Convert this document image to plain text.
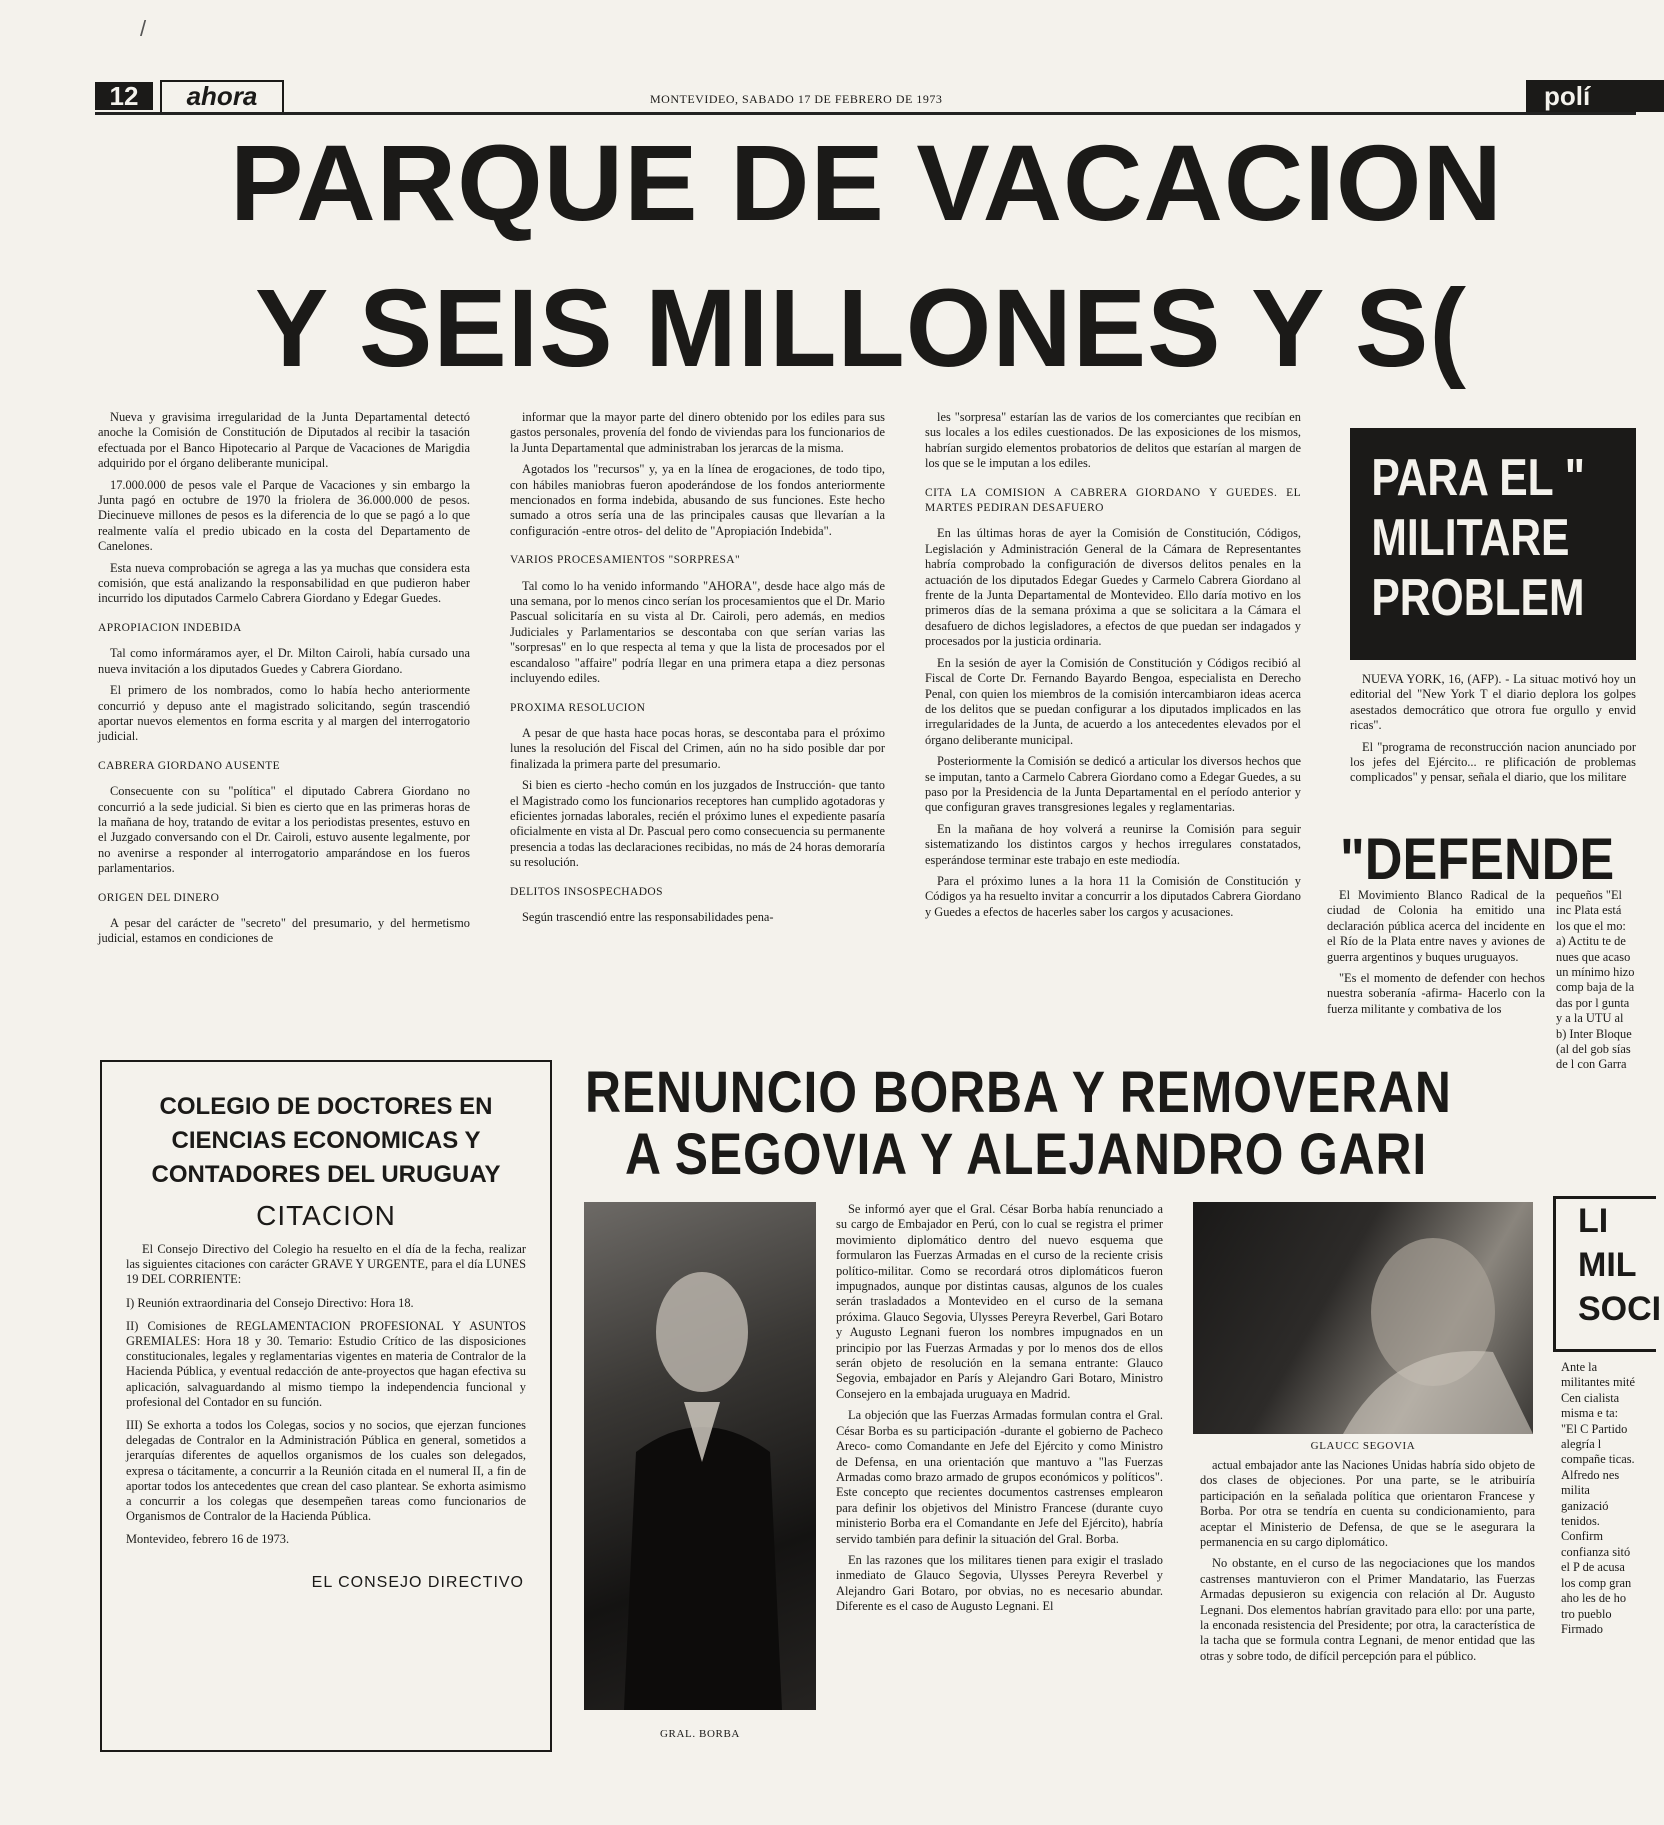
/
12	ahora	MONTEVIDEO, SABADO 17 DE FEBRERO DE 1973	polí
PARQUE DE VACACION
Y SEIS MILLONES Y S(

Nueva y gravisima irregularidad de la Junta Departamental detectó anoche la Comisión de Constitución de Diputados al recibir la tasación efectuada por el Banco Hipotecario al Parque de Vacaciones de Marigdia adquirido por el órgano deliberante municipal.

17.000.000 de pesos vale el Parque de Vacaciones y sin embargo la Junta pagó en octubre de 1970 la friolera de 36.000.000 de pesos. Diecinueve millones de pesos es la diferencia de lo que se pagó a lo que realmente valía el predio ubicado en la costa del Departamento de Canelones.

Esta nueva comprobación se agrega a las ya muchas que considera esta comisión, que está analizando la responsabilidad en que pudieron haber incurrido los diputados Carmelo Cabrera Giordano y Edegar Guedes.

APROPIACION INDEBIDA

Tal como informáramos ayer, el Dr. Milton Cairoli, había cursado una nueva invitación a los diputados Guedes y Cabrera Giordano.

El primero de los nombrados, como lo había hecho anteriormente concurrió y depuso ante el magistrado solicitando, según trascendió aportar nuevos elementos en forma escrita y al margen del interrogatorio judicial.

CABRERA GIORDANO AUSENTE

Consecuente con su "política" el diputado Cabrera Giordano no concurrió a la sede judicial. Si bien es cierto que en las primeras horas de la mañana de hoy, tratando de evitar a los periodistas presentes, estuvo en el Juzgado conversando con el Dr. Cairoli, estuvo ausente legalmente, por no avenirse a responder al interrogatorio amparándose en los fueros parlamentarios.

ORIGEN DEL DINERO

A pesar del carácter de "secreto" del presumario, y del hermetismo judicial, estamos en condiciones de

informar que la mayor parte del dinero obtenido por los ediles para sus gastos personales, provenía del fondo de viviendas para los funcionarios de la Junta Departamental que administraban los jerarcas de la misma.

Agotados los "recursos" y, ya en la línea de erogaciones, de todo tipo, con hábiles maniobras fueron apoderándose de los fondos anteriormente mencionados en forma indebida, abusando de sus funciones. Este hecho sumado a otros sería una de las principales causas que llevarían a la configuración -entre otros- del delito de "Apropiación Indebida".

VARIOS PROCESAMIENTOS "SORPRESA"

Tal como lo ha venido informando "AHORA", desde hace algo más de una semana, por lo menos cinco serían los procesamientos que el Dr. Mario Pascual solicitaría en su vista al Dr. Cairoli, pero además, en medios Judiciales y Parlamentarios se descontaba con que serían varias las "sorpresas" en lo que respecta al tema y que la lista de procesados por el escandaloso "affaire" podría llegar en una primera etapa a diez personas incluyendo ediles.

PROXIMA RESOLUCION

A pesar de que hasta hace pocas horas, se descontaba para el próximo lunes la resolución del Fiscal del Crimen, aún no ha sido posible dar por finalizada la primera parte del presumario.

Si bien es cierto -hecho común en los juzgados de Instrucción- que tanto el Magistrado como los funcionarios receptores han cumplido agotadoras y eficientes jornadas laborales, recién el próximo lunes el expediente pasaría oficialmente en vista al Dr. Pascual pero como consecuencia su permanente presencia a todas las declaraciones recibidas, no más de 24 horas demoraría su resolución.

DELITOS INSOSPECHADOS

Según trascendió entre las responsabilidades pena-

les "sorpresa" estarían las de varios de los comerciantes que recibían en sus locales a los ediles cuestionados. De las exposiciones de los mismos, habrían surgido elementos probatorios de delitos que estarían al margen de los que se le imputan a los ediles.

CITA LA COMISION A CABRERA GIORDANO Y GUEDES. EL MARTES PEDIRAN DESAFUERO

En las últimas horas de ayer la Comisión de Constitución, Códigos, Legislación y Administración General de la Cámara de Representantes habría comprobado la configuración de diversos delitos penales en la actuación de los diputados Edegar Guedes y Carmelo Cabrera Giordano al frente de la Junta Departamental de Montevideo. Ello daría motivo en los primeros días de la semana próxima a que se solicitara a la Cámara el desafuero de dichos legisladores, a efectos de que puedan ser indagados y procesados por la justicia ordinaria.

En la sesión de ayer la Comisión de Constitución y Códigos recibió al Fiscal de Corte Dr. Fernando Bayardo Bengoa, especialista en Derecho Penal, con quien los miembros de la comisión intercambiaron ideas acerca de los delitos que se puedan configurar a los diputados implicados en las irregularidades de la Junta, de acuerdo a los antecedentes elevados por el órgano deliberante municipal.

Posteriormente la Comisión se dedicó a articular los diversos hechos que se imputan, tanto a Carmelo Cabrera Giordano como a Edegar Guedes, a su paso por la Presidencia de la Junta Departamental en el período anterior y que configuran graves transgresiones legales y reglamentarias.

En la mañana de hoy volverá a reunirse la Comisión para seguir sistematizando los distintos cargos y hechos irregulares constatados, esperándose terminar este trabajo en este mediodía.

Para el próximo lunes a la hora 11 la Comisión de Constitución y Códigos ya ha resuelto invitar a concurrir a los diputados Cabrera Giordano y Guedes a efectos de hacerles saber los cargos y acusaciones.

PARA EL "
MILITARE
PROBLEM

NUEVA YORK, 16, (AFP). - La situac motivó hoy un editorial del "New York T el diario deplora los golpes asestados democrático que otrora fue orgullo y envid ricas".

El "programa de reconstrucción nacion anunciado por los jefes del Ejército... re plificación de problemas complicados" y pensar, señala el diario, que los militare

"DEFENDE

El Movimiento Blanco Radical de la ciudad de Colonia ha emitido una declaración pública acerca del incidente en el Río de la Plata entre naves y aviones de guerra argentinos y buques uruguayos.

"Es el momento de defender con hechos nuestra soberanía -afirma- Hacerlo con la fuerza militante y combativa de los

pequeños "El inc Plata está los que el mo: a) Actitu te de nues que acaso un mínimo hizo comp baja de la das por l gunta y a la UTU al b) Inter Bloque (al del gob sías de l con Garra

COLEGIO DE DOCTORES EN
CIENCIAS ECONOMICAS Y
CONTADORES DEL URUGUAY
CITACION
El Consejo Directivo del Colegio ha resuelto en el día de la fecha, realizar las siguientes citaciones con carácter GRAVE Y URGENTE, para el día LUNES 19 DEL CORRIENTE:
I) Reunión extraordinaria del Consejo Directivo: Hora 18.
II) Comisiones de REGLAMENTACION PROFESIONAL Y ASUNTOS GREMIALES: Hora 18 y 30. Temario: Estudio Crítico de las disposiciones constitucionales, legales y reglamentarias vigentes en materia de Contralor de la Hacienda Pública, y eventual redacción de ante-proyectos que hagan efectiva su aplicación, salvaguardando al mismo tiempo la independencia funcional y profesional del Contador en su función.
III) Se exhorta a todos los Colegas, socios y no socios, que ejerzan funciones delegadas de Contralor en la Administración Pública en general, sometidos a jerarquías diferentes de aquellos organismos de los cuales son delegados, expresa o tácitamente, a concurrir a la Reunión citada en el numeral II, a fin de aportar todos los antecedentes que crean del caso plantear. Se exhorta asimismo a concurrir a los colegas que desempeñen tareas como funcionarios de Organismos de Contralor de la Hacienda Pública.
Montevideo, febrero 16 de 1973.
EL CONSEJO DIRECTIVO
RENUNCIO BORBA Y REMOVERAN
A SEGOVIA Y ALEJANDRO GARI
GRAL. BORBA

Se informó ayer que el Gral. César Borba había renunciado a su cargo de Embajador en Perú, con lo cual se registra el primer movimiento diplomático dentro del nuevo esquema que formularon las Fuerzas Armadas en el curso de la reciente crisis político-militar. Como se recordará otros diplomáticos fueron impugnados, aunque por distintas causas, algunos de los cuales serán trasladados a Montevideo en el curso de la semana próxima. Glauco Segovia, Ulysses Pereyra Reverbel, Gari Botaro y Augusto Legnani fueron los nombres impugnados en un principio por las Fuerzas Armadas y por lo menos dos de ellos serán objeto de resolución en la semana entrante: Glauco Segovia, embajador en París y Alejandro Gari Botaro, Ministro Consejero en la embajada uruguaya en Madrid.

La objeción que las Fuerzas Armadas formulan contra el Gral. César Borba es su participación -durante el gobierno de Pacheco Areco- como Comandante en Jefe del Ejército y como Ministro de Defensa, en una orientación que mantuvo a "las Fuerzas Armadas como brazo armado de grupos económicos y políticos". Este concepto que recientes documentos castrenses emplearon para definir los objetivos del Ministro Francese (durante cuyo ministerio Borba era el Comandante en Jefe del Ejército), habría servido también para definir la situación del Gral. Borba.

En las razones que los militares tienen para exigir el traslado inmediato de Glauco Segovia, Ulysses Pereyra Reverbel y Alejandro Gari Botaro, por obvias, no es necesario abundar. Diferente es el caso de Augusto Legnani. El

GLAUCC SEGOVIA

actual embajador ante las Naciones Unidas habría sido objeto de dos clases de objeciones. Por una parte, se le atribuiría participación en la señalada política que orientaron Francese y Borba. Por otra se tendría en cuenta su condicionamiento, para aceptar el Ministerio de Defensa, de que se le asegurara la permanencia en su cargo diplomático.

No obstante, en el curso de las negociaciones que los mandos castrenses mantuvieron con el Primer Mandatario, las Fuerzas Armadas depusieron su exigencia con relación al Dr. Augusto Legnani. Dos elementos habrían gravitado para ello: por una parte, la enconada resistencia del Presidente; por otra, la característica de la tacha que se formula contra Legnani, de menor entidad que las otras y sobre todo, de difícil percepción para el público.

LI
MIL
SOCI

Ante la militantes mité Cen cialista misma e ta: "El C Partido alegría l compañe ticas. Alfredo nes milita ganizació tenidos. Confirm confianza sitó el P de acusa los comp gran aho les de ho tro pueblo Firmado
